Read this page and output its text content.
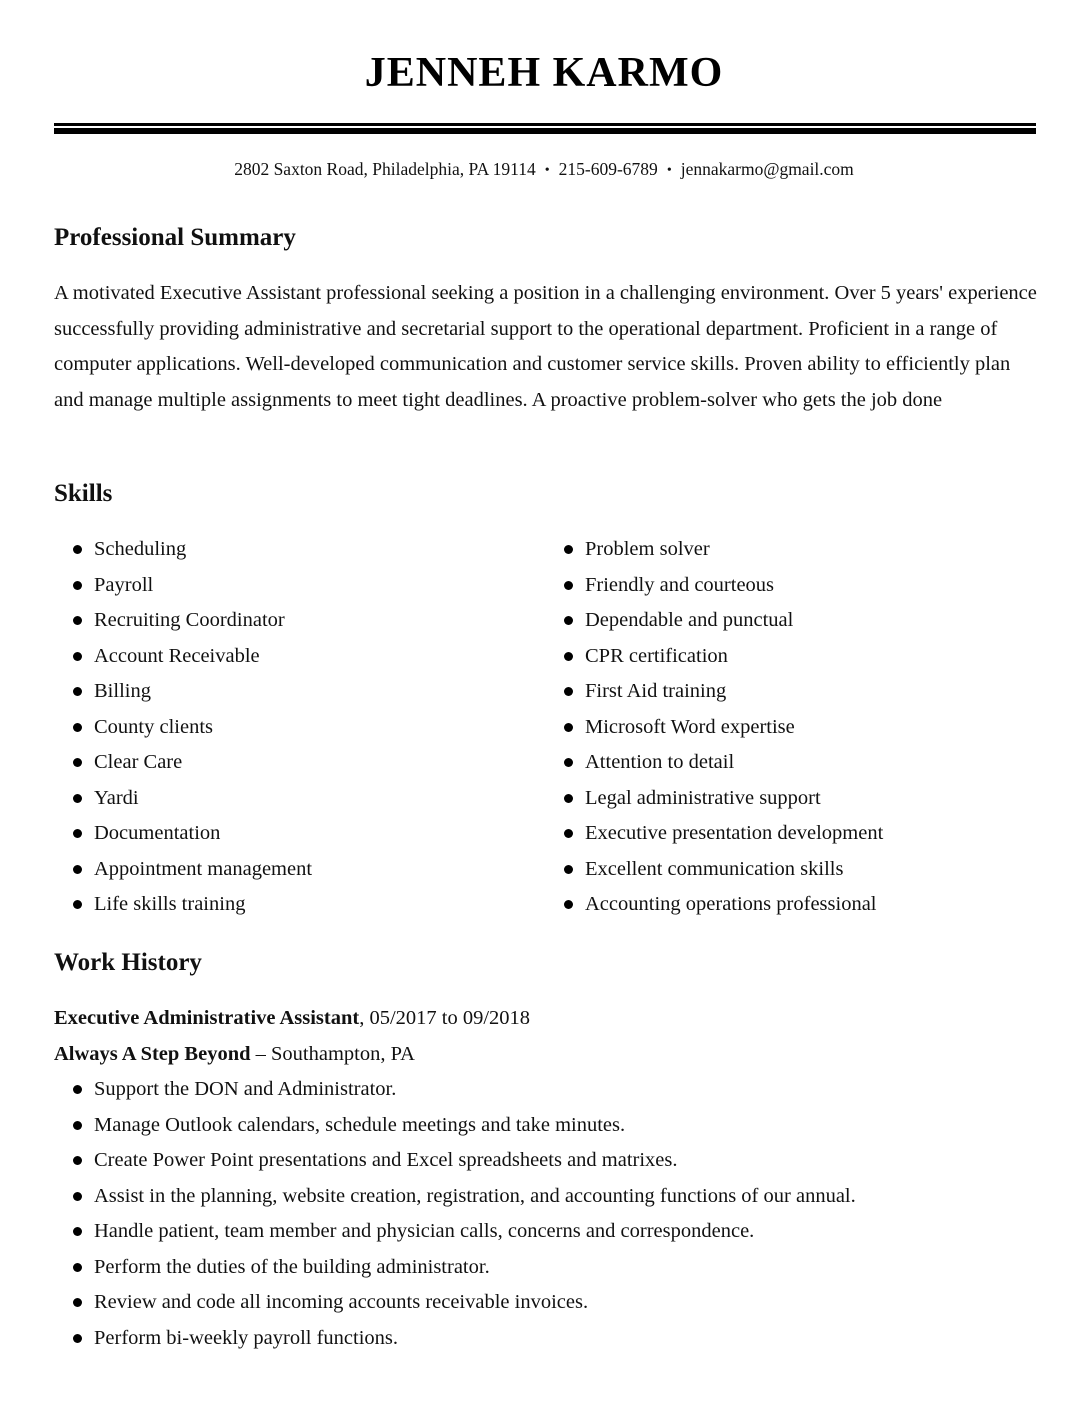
JENNEH KARMO
2802 Saxton Road, Philadelphia, PA 19114 • 215-609-6789 • jennakarmo@gmail.com
Professional Summary
A motivated Executive Assistant professional seeking a position in a challenging environment. Over 5 years' experience successfully providing administrative and secretarial support to the operational department. Proficient in a range of computer applications. Well-developed communication and customer service skills. Proven ability to efficiently plan and manage multiple assignments to meet tight deadlines. A proactive problem-solver who gets the job done
Skills
Scheduling
Payroll
Recruiting Coordinator
Account Receivable
Billing
County clients
Clear Care
Yardi
Documentation
Appointment management
Life skills training
Problem solver
Friendly and courteous
Dependable and punctual
CPR certification
First Aid training
Microsoft Word expertise
Attention to detail
Legal administrative support
Executive presentation development
Excellent communication skills
Accounting operations professional
Work History
Executive Administrative Assistant, 05/2017 to 09/2018
Always A Step Beyond – Southampton, PA
Support the DON and Administrator.
Manage Outlook calendars, schedule meetings and take minutes.
Create Power Point presentations and Excel spreadsheets and matrixes.
Assist in the planning, website creation, registration, and accounting functions of our annual.
Handle patient, team member and physician calls, concerns and correspondence.
Perform the duties of the building administrator.
Review and code all incoming accounts receivable invoices.
Perform bi-weekly payroll functions.
